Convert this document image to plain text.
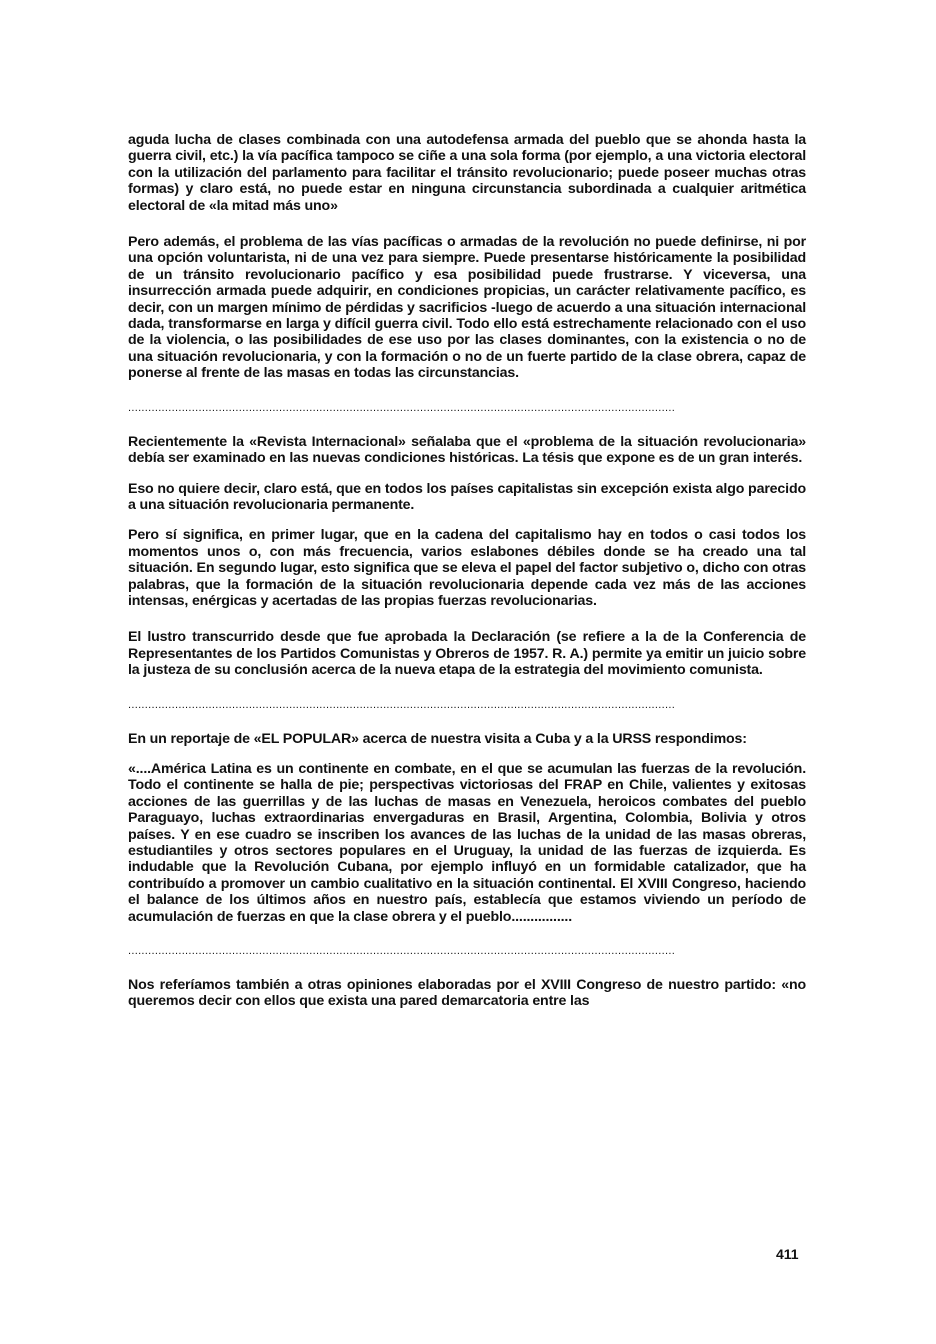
aguda lucha de clases combinada con una autodefensa armada del pueblo que se ahonda hasta la guerra civil, etc.) la vía pacífica tampoco se ciñe a una sola forma (por ejemplo, a una victoria electoral con la utilización del parlamento para facilitar el tránsito revolucionario; puede poseer muchas otras formas) y claro está, no puede estar en ninguna circunstancia subordinada a cualquier aritmética electoral de «la mitad más uno»

Pero además, el problema de las vías pacíficas o armadas de la revolución no puede definirse, ni por una opción voluntarista, ni de una vez para siempre. Puede presentarse históricamente la posibilidad de un tránsito revolucionario pacífico y esa posibilidad puede frustrarse. Y viceversa, una insurrección armada puede adquirir, en condiciones propicias, un carácter relativamente pacífico, es decir, con un margen mínimo de pérdidas y sacrificios -luego de acuerdo a una situación internacional dada, transformarse en larga y difícil guerra civil. Todo ello está estrechamente relacionado con el uso de la violencia, o las posibilidades de ese uso por las clases dominantes, con la existencia o no de una situación revolucionaria, y con la formación o no de un fuerte partido de la clase obrera, capaz de ponerse al frente de las masas en todas las circunstancias.

...................................................................................................................................................................

Recientemente la «Revista Internacional» señalaba que el «problema de la situación revolucionaria» debía ser examinado en las nuevas condiciones históricas. La tésis que expone es de un gran interés.

Eso no quiere decir, claro está, que en todos los países capitalistas sin excepción exista algo parecido a una situación revolucionaria permanente.

Pero sí significa, en primer lugar, que en la cadena del capitalismo hay en todos o casi todos los momentos unos o, con más frecuencia, varios eslabones débiles donde se ha creado una tal situación. En segundo lugar, esto significa que se eleva el papel del factor subjetivo o, dicho con otras palabras, que la formación de la situación revolucionaria depende cada vez más de las acciones intensas, enérgicas y acertadas de las propias fuerzas revolucionarias.

El lustro transcurrido desde que fue aprobada la Declaración (se refiere a la de la Conferencia de Representantes de los Partidos Comunistas y Obreros de 1957. R. A.) permite ya emitir un juicio sobre la justeza de su conclusión acerca de la nueva etapa de la estrategia del movimiento comunista.

...................................................................................................................................................................

En un reportaje de «EL POPULAR» acerca de nuestra visita a Cuba y a la URSS respondimos:

«....América Latina es un continente en combate, en el que se acumulan las fuerzas de la revolución. Todo el continente se halla de pie; perspectivas victoriosas del FRAP en Chile, valientes y exitosas acciones de las guerrillas y de las luchas de masas en Venezuela, heroicos combates del pueblo Paraguayo, luchas extraordinarias envergaduras en Brasil, Argentina, Colombia, Bolivia y otros países. Y en ese cuadro se inscriben los avances de las luchas de la unidad de las masas obreras, estudiantiles y otros sectores populares en el Uruguay, la unidad de las fuerzas de izquierda. Es indudable que la Revolución Cubana, por ejemplo influyó en un formidable catalizador, que ha contribuído a promover un cambio cualitativo en la situación continental. El XVIII Congreso, haciendo el balance de los últimos años en nuestro país, establecía que estamos viviendo un período de acumulación de fuerzas en que la clase obrera y el pueblo................

...................................................................................................................................................................

Nos referíamos también a otras opiniones elaboradas por el XVIII Congreso de nuestro partido: «no queremos decir con ellos que exista una pared demarcatoria entre las

411
